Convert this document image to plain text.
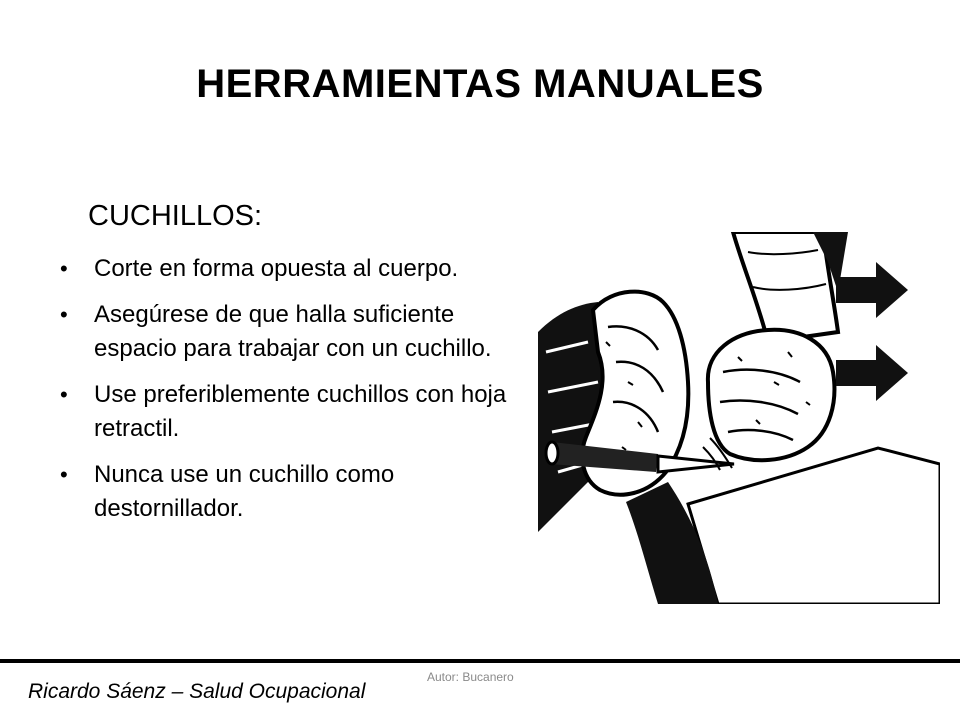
HERRAMIENTAS MANUALES
CUCHILLOS:
• Corte en forma opuesta al cuerpo.
• Asegúrese de que halla suficiente espacio para trabajar con un cuchillo.
• Use preferiblemente cuchillos con hoja retractil.
• Nunca use un cuchillo como destornillador.
Autor: Bucanero
Ricardo Sáenz – Salud Ocupacional
